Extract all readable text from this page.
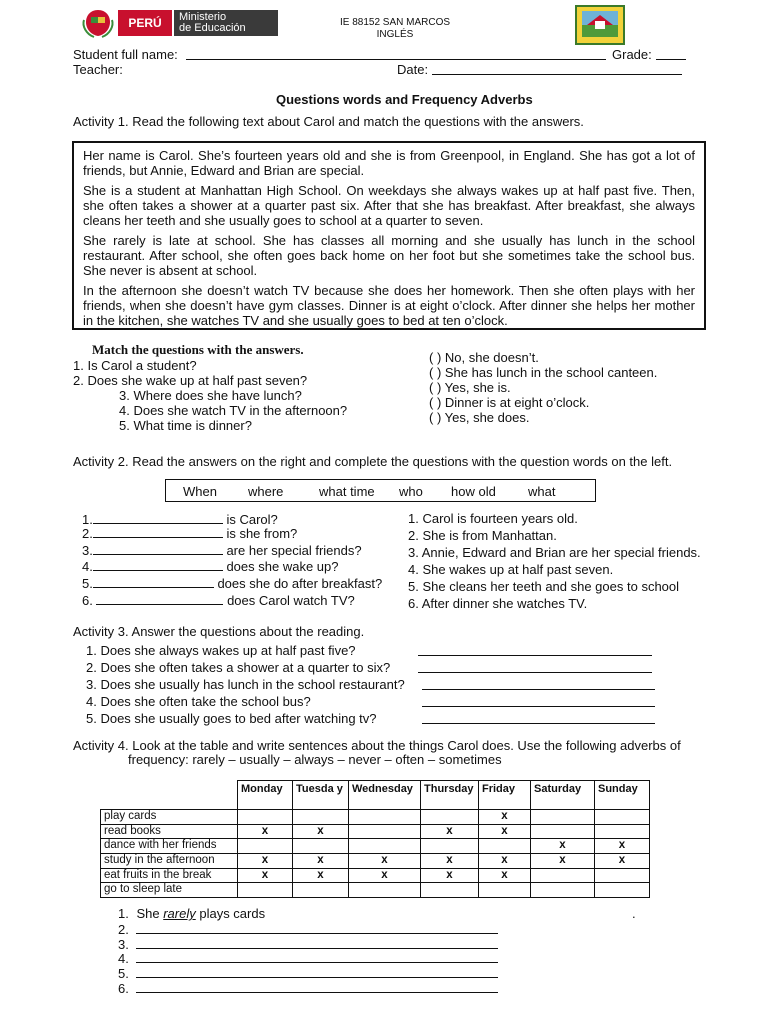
PERÚ	Ministerio
de Educación	IE 88152 SAN MARCOS
INGLÉS
Student full name:	Grade:
Teacher:	Date:
Questions words and Frequency Adverbs
Activity 1. Read the following text about Carol and match the questions with the answers.

Her name is Carol. She’s fourteen years old and she is from Greenpool, in England. She has got a lot of friends, but Annie, Edward and Brian are special.

She is a student at Manhattan High School. On weekdays she always wakes up at half past five. Then, she often takes a shower at a quarter past six. After that she has breakfast. After breakfast, she always cleans her teeth and she usually goes to school at a quarter to seven.

She rarely is late at school. She has classes all morning and she usually has lunch in the school restaurant. After school, she often goes back home on her foot but she sometimes take the school bus. She never is absent at school.

In the afternoon she doesn’t watch TV because she does her homework. Then she often plays with her friends, when she doesn’t have gym classes. Dinner is at eight o’clock. After dinner she helps her mother in the kitchen, she watches TV and she usually goes to bed at ten o’clock.

Match the questions with the answers.
1. Is Carol a student?
2. Does she wake up at half past seven?
3. Where does she have lunch?
4. Does she watch TV in the afternoon?
5. What time is dinner?
( ) No, she doesn’t.
( ) She has lunch in the school canteen.
( ) Yes, she is.
( ) Dinner is at eight o’clock.
( ) Yes, she does.
Activity 2. Read the answers on the right and complete the questions with the question words on the left.
When where	what time who how old what
1.	is Carol?
2.	is she from?
3.	are her special friends?
4.	does she wake up?
5.	does she do after breakfast?
6.	does Carol watch TV?
1. Carol is fourteen years old.
2. She is from Manhattan.
3. Annie, Edward and Brian are her special friends.
4. She wakes up at half past seven.
5. She cleans her teeth and she goes to school
6. After dinner she watches TV.
Activity 3. Answer the questions about the reading.
1. Does she always wakes up at half past five?
2. Does she often takes a shower at a quarter to six?
3. Does she usually has lunch in the school restaurant?
4. Does she often take the school bus?
5. Does she usually goes to bed after watching tv?
Activity 4. Look at the table and write sentences about the things Carol does. Use the following adverbs of
frequency: rarely – usually – always – never – often – sometimes
	Monday	Tuesda y	Wednesday	Thursday	Friday	Saturday	Sunday
play cards					x		
read books	x	x		x	x		
dance with her friends						x	x
study in the afternoon	x	x	x	x	x	x	x
eat fruits in the break	x	x	x	x	x		
go to sleep late							
1. She rarely plays cards	.
2.
3.
4.
5.
6.
